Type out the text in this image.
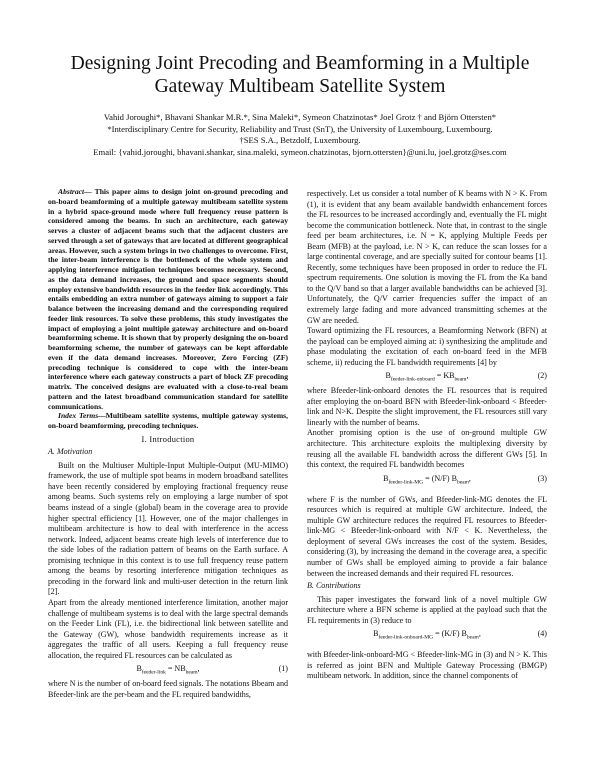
Designing Joint Precoding and Beamforming in a Multiple
Gateway Multibeam Satellite System
Vahid Joroughi*, Bhavani Shankar M.R.*, Sina Maleki*, Symeon Chatzinotas* Joel Grotz † and Björn Ottersten*
*Interdisciplinary Centre for Security, Reliability and Trust (SnT), the University of Luxembourg, Luxembourg.
†SES S.A., Betzdolf, Luxembourg.
Email: {vahid.joroughi, bhavani.shankar, sina.maleki, symeon.chatzinotas, bjorn.ottersten}@uni.lu, joel.grotz@ses.com

Abstract— This paper aims to design joint on-ground precoding and on-board beamforming of a multiple gateway multibeam satellite system in a hybrid space-ground mode where full frequency reuse pattern is considered among the beams. In such an architecture, each gateway serves a cluster of adjacent beams such that the adjacent clusters are served through a set of gateways that are located at different geographical areas. However, such a system brings in two challenges to overcome. First, the inter-beam interference is the bottleneck of the whole system and applying interference mitigation techniques becomes necessary. Second, as the data demand increases, the ground and space segments should employ extensive bandwidth resources in the feeder link accordingly. This entails embedding an extra number of gateways aiming to support a fair balance between the increasing demand and the corresponding required feeder link resources. To solve these problems, this study investigates the impact of employing a joint multiple gateway architecture and on-board beamforming scheme. It is shown that by properly designing the on-board beamforming scheme, the number of gateways can be kept affordable even if the data demand increases. Moreover, Zero Forcing (ZF) precoding technique is considered to cope with the inter-beam interference where each gateway constructs a part of block ZF precoding matrix. The conceived designs are evaluated with a close-to-real beam pattern and the latest broadband communication standard for satellite communications.

Index Terms—Multibeam satellite systems, multiple gateway systems, on-board beamforming, precoding techniques.

I. Introduction
A. Motivation

Built on the Multiuser Multiple-Input Multiple-Output (MU-MIMO) framework, the use of multiple spot beams in modern broadband satellites have been recently considered by employing fractional frequency reuse among beams. Such systems rely on employing a large number of spot beams instead of a single (global) beam in the coverage area to provide higher spectral efficiency [1]. However, one of the major challenges in multibeam architecture is how to deal with interference in the access network. Indeed, adjacent beams create high levels of interference due to the side lobes of the radiation pattern of beams on the Earth surface. A promising technique in this context is to use full frequency reuse pattern among the beams by resorting interference mitigation techniques as precoding in the forward link and multi-user detection in the return link [2].

Apart from the already mentioned interference limitation, another major challenge of multibeam systems is to deal with the large spectral demands on the Feeder Link (FL), i.e. the bidirectional link between satellite and the Gateway (GW), whose bandwidth requirements increase as it aggregates the traffic of all users. Keeping a full frequency reuse allocation, the required FL resources can be calculated as

$B_{feeder-link} = NB_{beam}$,	(1)

where N is the number of on-board feed signals. The notations Bbeam and Bfeeder-link are the per-beam and the FL required bandwidths,

respectively. Let us consider a total number of K beams with N > K. From (1), it is evident that any beam available bandwidth enhancement forces the FL resources to be increased accordingly and, eventually the FL might become the communication bottleneck. Note that, in contrast to the single feed per beam architectures, i.e. N = K, applying Multiple Feeds per Beam (MFB) at the payload, i.e. N > K, can reduce the scan losses for a large continental coverage, and are specially suited for contour beams [1]. Recently, some techniques have been proposed in order to reduce the FL spectrum requirements. One solution is moving the FL from the Ka band to the Q/V band so that a larger available bandwidths can be achieved [3]. Unfortunately, the Q/V carrier frequencies suffer the impact of an extremely large fading and more advanced transmitting schemes at the GW are needed.

Toward optimizing the FL resources, a Beamforming Network (BFN) at the payload can be employed aiming at: i) synthesizing the amplitude and phase modulating the excitation of each on-board feed in the MFB scheme, ii) reducing the FL bandwidth requirements [4] by

$B_{feeder-link-onboard} = KB_{beam}$,	(2)

where Bfeeder-link-onboard denotes the FL resources that is required after employing the on-board BFN with Bfeeder-link-onboard < Bfeeder-link and N>K. Despite the slight improvement, the FL resources still vary linearly with the number of beams.

Another promising option is the use of on-ground multiple GW architecture. This architecture exploits the multiplexing diversity by reusing all the available FL bandwidth across the different GWs [5]. In this context, the required FL bandwidth becomes

$B_{feeder-link-MG} = (N/F)$ $B_{beam}$,	(3)

where F is the number of GWs, and Bfeeder-link-MG denotes the FL resources which is required at multiple GW architecture. Indeed, the multiple GW architecture reduces the required FL resources to Bfeeder-link-MG < Bfeeder-link-onboard with N/F < K. Nevertheless, the deployment of several GWs increases the cost of the system. Besides, considering (3), by increasing the demand in the coverage area, a specific number of GWs shall be employed aiming to provide a fair balance between the increased demands and their required FL resources.

B. Contributions

This paper investigates the forward link of a novel multiple GW architecture where a BFN scheme is applied at the payload such that the FL requirements in (3) reduce to

$B_{feeder-link-onboard-MG} = (K/F)$ $B_{beam}$,	(4)

with Bfeeder-link-onboard-MG < Bfeeder-link-MG in (3) and N > K. This is referred as joint BFN and Multiple Gateway Processing (BMGP) multibeam network. In addition, since the channel components of
